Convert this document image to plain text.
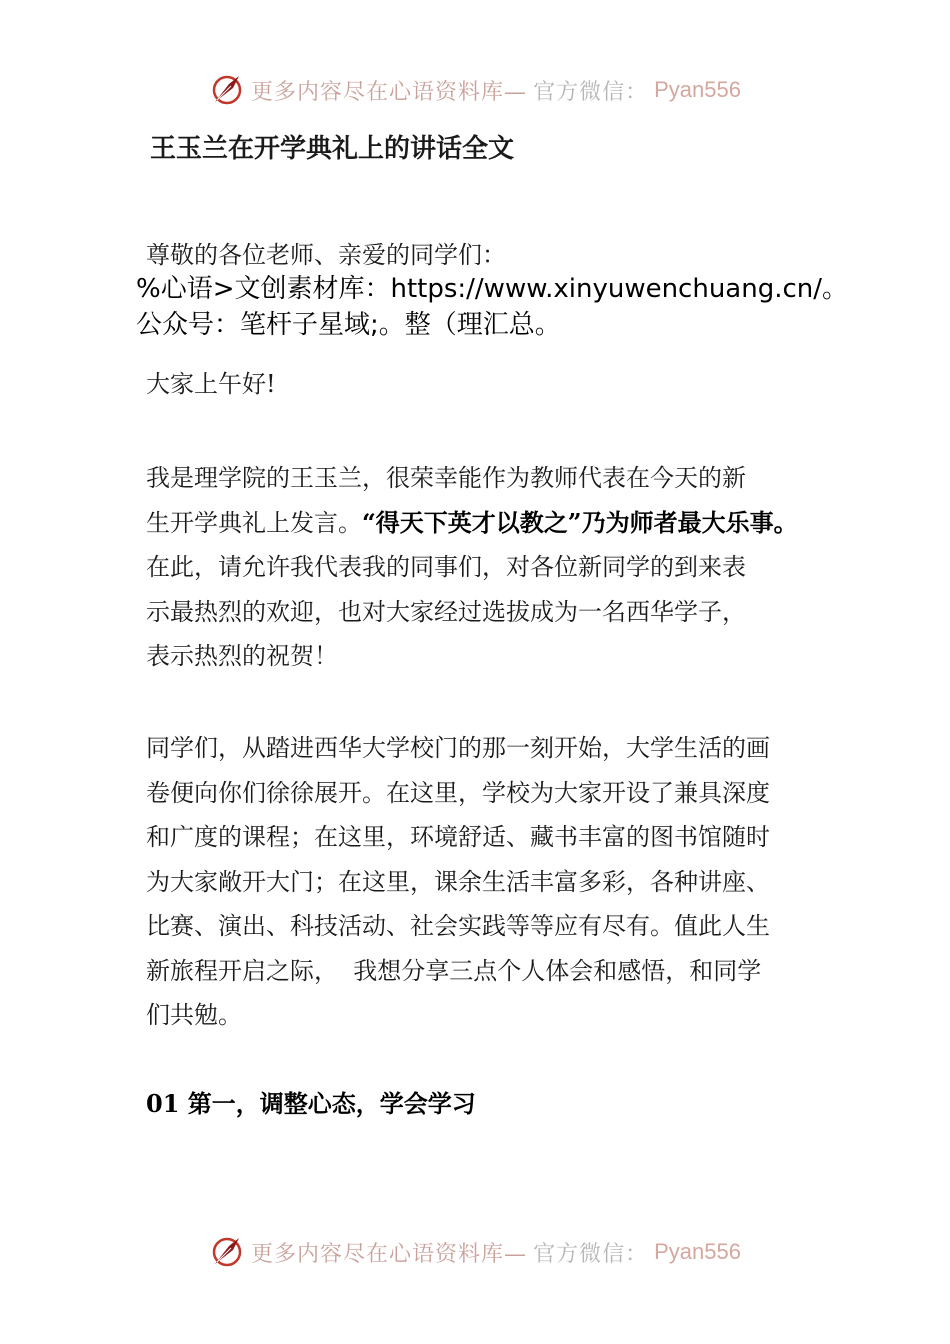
更多内容尽在心语资料库— 官方微信： Pyan556
王玉兰在开学典礼上的讲话全文
尊敬的各位老师、亲爱的同学们：
%心语>文创素材库：https://www.xinyuwenchuang.cn/。
公众号：笔杆子星域;。整（理汇总。
大家上午好!
我是理学院的王玉兰，很荣幸能作为教师代表在今天的新
生开学典礼上发言。“得天下英才以教之”乃为师者最大乐事。
在此，请允许我代表我的同事们，对各位新同学的到来表
示最热烈的欢迎，也对大家经过选拔成为一名西华学子，
表示热烈的祝贺！
同学们，从踏进西华大学校门的那一刻开始，大学生活的画
卷便向你们徐徐展开。在这里，学校为大家开设了兼具深度
和广度的课程；在这里，环境舒适、藏书丰富的图书馆随时
为大家敞开大门；在这里，课余生活丰富多彩，各种讲座、
比赛、演出、科技活动、社会实践等等应有尽有。值此人生
新旅程开启之际，  我想分享三点个人体会和感悟，和同学
们共勉。
01 第一，调整心态，学会学习
更多内容尽在心语资料库— 官方微信： Pyan556
